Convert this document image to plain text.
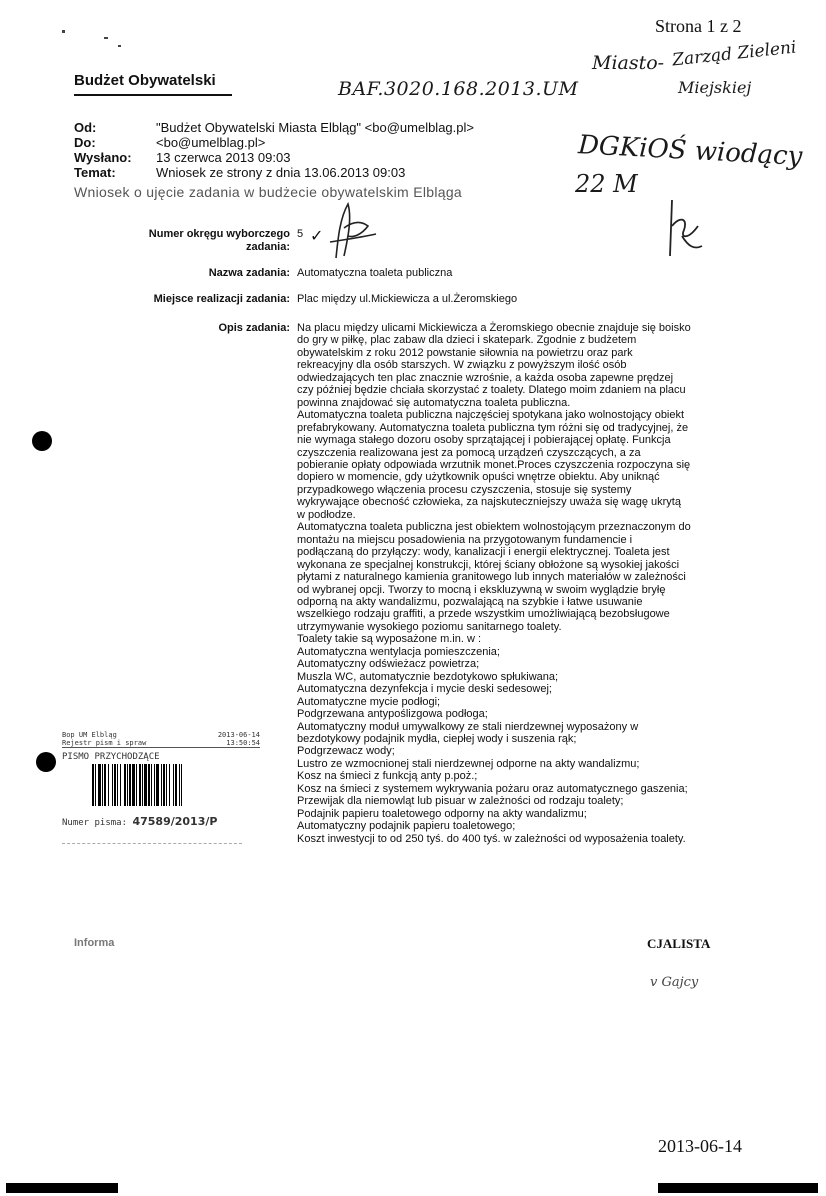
Strona 1 z 2
Budżet Obywatelski	BAF.3020.168.2013.UM
Miasto- Zarząd Zieleni
Miejskiej
DGKiOŚ wiodący
22 M
✓
Od:	"Budżet Obywatelski Miasta Elbląg" <bo@umelblag.pl>
Do:	<bo@umelblag.pl>
Wysłano: 13 czerwca 2013 09:03
Temat:	Wniosek ze strony z dnia 13.06.2013 09:03
Wniosek o ujęcie zadania w budżecie obywatelskim Elbląga
Numer okręgu wyborczego
zadania:
5
Nazwa zadania: Automatyczna toaleta publiczna
Miejsce realizacji zadania: Plac między ul.Mickiewicza a ul.Żeromskiego
Opis zadania: Na placu między ulicami Mickiewicza a Żeromskiego obecnie znajduje się boisko

do gry w piłkę, plac zabaw dla dzieci i skatepark. Zgodnie z budżetem

obywatelskim z roku 2012 powstanie siłownia na powietrzu oraz park

rekreacyjny dla osób starszych. W związku z powyższym ilość osób

odwiedzających ten plac znacznie wzrośnie, a każda osoba zapewne prędzej

czy później będzie chciała skorzystać z toalety. Dlatego moim zdaniem na placu

powinna znajdować się automatyczna toaleta publiczna.

Automatyczna toaleta publiczna najczęściej spotykana jako wolnostojący obiekt

prefabrykowany. Automatyczna toaleta publiczna tym różni się od tradycyjnej, że

nie wymaga stałego dozoru osoby sprzątającej i pobierającej opłatę. Funkcja

czyszczenia realizowana jest za pomocą urządzeń czyszczących, a za

pobieranie opłaty odpowiada wrzutnik monet.Proces czyszczenia rozpoczyna się

dopiero w momencie, gdy użytkownik opuści wnętrze obiektu. Aby uniknąć

przypadkowego włączenia procesu czyszczenia, stosuje się systemy

wykrywające obecność człowieka, za najskuteczniejszy uważa się wagę ukrytą

w podłodze.

Automatyczna toaleta publiczna jest obiektem wolnostojącym przeznaczonym do

montażu na miejscu posadowienia na przygotowanym fundamencie i

podłączaną do przyłączy: wody, kanalizacji i energii elektrycznej. Toaleta jest

wykonana ze specjalnej konstrukcji, której ściany obłożone są wysokiej jakości

płytami z naturalnego kamienia granitowego lub innych materiałów w zależności

od wybranej opcji. Tworzy to mocną i ekskluzywną w swoim wyglądzie bryłę

odporną na akty wandalizmu, pozwalającą na szybkie i łatwe usuwanie

wszelkiego rodzaju graffiti, a przede wszystkim umożliwiającą bezobsługowe

utrzymywanie wysokiego poziomu sanitarnego toalety.

Toalety takie są wyposażone m.in. w :

Automatyczna wentylacja pomieszczenia;

Automatyczny odświeżacz powietrza;

Muszla WC, automatycznie bezdotykowo spłukiwana;

Automatyczna dezynfekcja i mycie deski sedesowej;

Automatyczne mycie podłogi;

Podgrzewana antypoślizgowa podłoga;

Automatyczny moduł umywalkowy ze stali nierdzewnej wyposażony w

bezdotykowy podajnik mydła, ciepłej wody i suszenia rąk;

Podgrzewacz wody;

Lustro ze wzmocnionej stali nierdzewnej odporne na akty wandalizmu;

Kosz na śmieci z funkcją anty p.poż.;

Kosz na śmieci z systemem wykrywania pożaru oraz automatycznego gaszenia;

Przewijak dla niemowląt lub pisuar w zależności od rodzaju toalety;

Podajnik papieru toaletowego odporny na akty wandalizmu;

Automatyczny podajnik papieru toaletowego;

Koszt inwestycji to od 250 tyś. do 400 tyś. w zależności od wyposażenia toalety.

Bop UM Elbląg	2013-06-14
Rejestr pism i spraw	13:50:54
PISMO PRZYCHODZĄCE
Numer pisma: 47589/2013/P
Informa	CJALISTA
v Gajcy
2013-06-14
